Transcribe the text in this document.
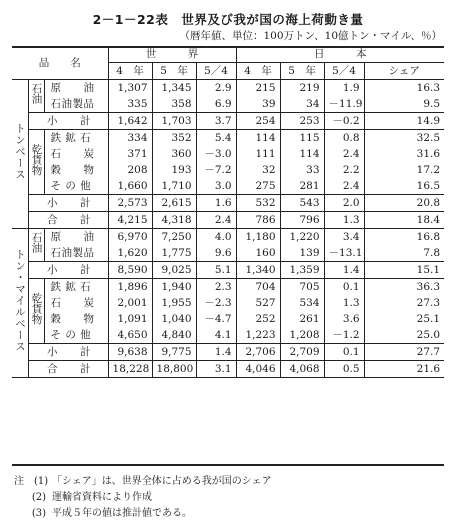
2－1－22表　世界及び我が国の海上荷動き量
（暦年値、単位：100万トン、10億トン・マイル、％）
品　　名			世　　　界			日　　　本			
			4　年	5　年	5／4	4　年	5　年	5／4	シェア
トンベース	石油	原　　油	1,307	1,345	2.9	215	219	1.9	16.3
		石油製品	335	358	6.9	39	34	－11.9	9.5
	小　　計		1,642	1,703	3.7	254	253	－0.2	14.9
	乾貨物	鉄 鉱 石	334	352	5.4	114	115	0.8	32.5
		石　　炭	371	360	－3.0	111	114	2.4	31.6
		穀　　物	208	193	－7.2	32	33	2.2	17.2
		そ の 他	1,660	1,710	3.0	275	281	2.4	16.5
	小　　計		2,573	2,615	1.6	532	543	2.0	20.8
	合　　計		4,215	4,318	2.4	786	796	1.3	18.4
トン・マイルベース	石油	原　　油	6,970	7,250	4.0	1,180	1,220	3.4	16.8
		石油製品	1,620	1,775	9.6	160	139	－13.1	7.8
	小　　計		8,590	9,025	5.1	1,340	1,359	1.4	15.1
	乾貨物	鉄 鉱 石	1,896	1,940	2.3	704	705	0.1	36.3
		石　　炭	2,001	1,955	－2.3	527	534	1.3	27.3
		穀　　物	1,091	1,040	－4.7	252	261	3.6	25.1
		そ の 他	4,650	4,840	4.1	1,223	1,208	－1.2	25.0
	小　　計		9,638	9,775	1.4	2,706	2,709	0.1	27.7
	合　　計		18,228	18,800	3.1	4,046	4,068	0.5	21.6
注　(1) 「シェア」は、世界全体に占める我が国のシェア
(2) 運輸省資料により作成
(3) 平成５年の値は推計値である。
